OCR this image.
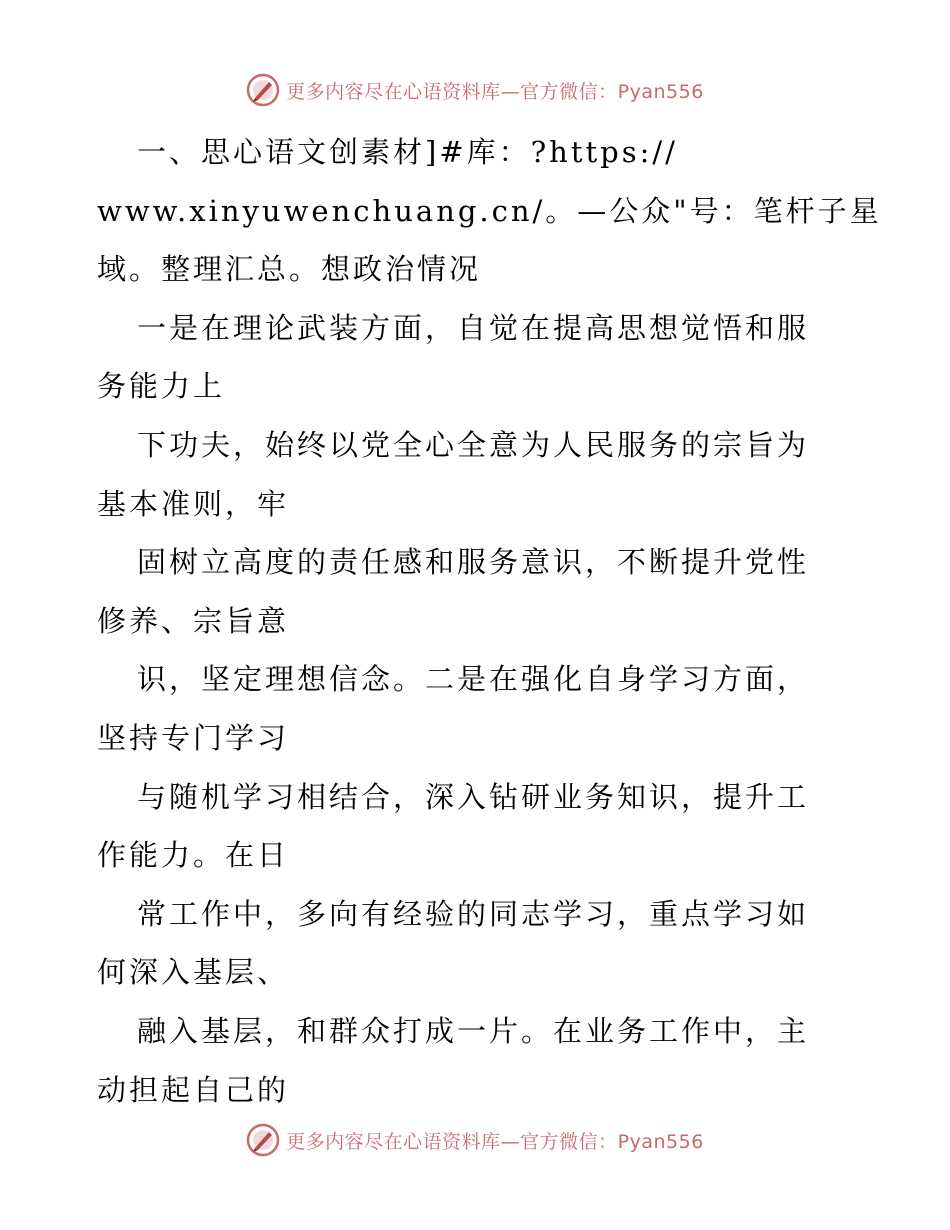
更多内容尽在心语资料库—官方微信：Pyan556
一、思心语文创素材]#库：?https://
www.xinyuwenchuang.cn/。—公众"号：笔杆子星
域。整理汇总。想政治情况
一是在理论武装方面，自觉在提高思想觉悟和服
务能力上
下功夫，始终以党全心全意为人民服务的宗旨为
基本准则，牢
固树立高度的责任感和服务意识，不断提升党性
修养、宗旨意
识，坚定理想信念。二是在强化自身学习方面，
坚持专门学习
与随机学习相结合，深入钻研业务知识，提升工
作能力。在日
常工作中，多向有经验的同志学习，重点学习如
何深入基层、
融入基层，和群众打成一片。在业务工作中，主
动担起自己的
更多内容尽在心语资料库—官方微信：Pyan556
